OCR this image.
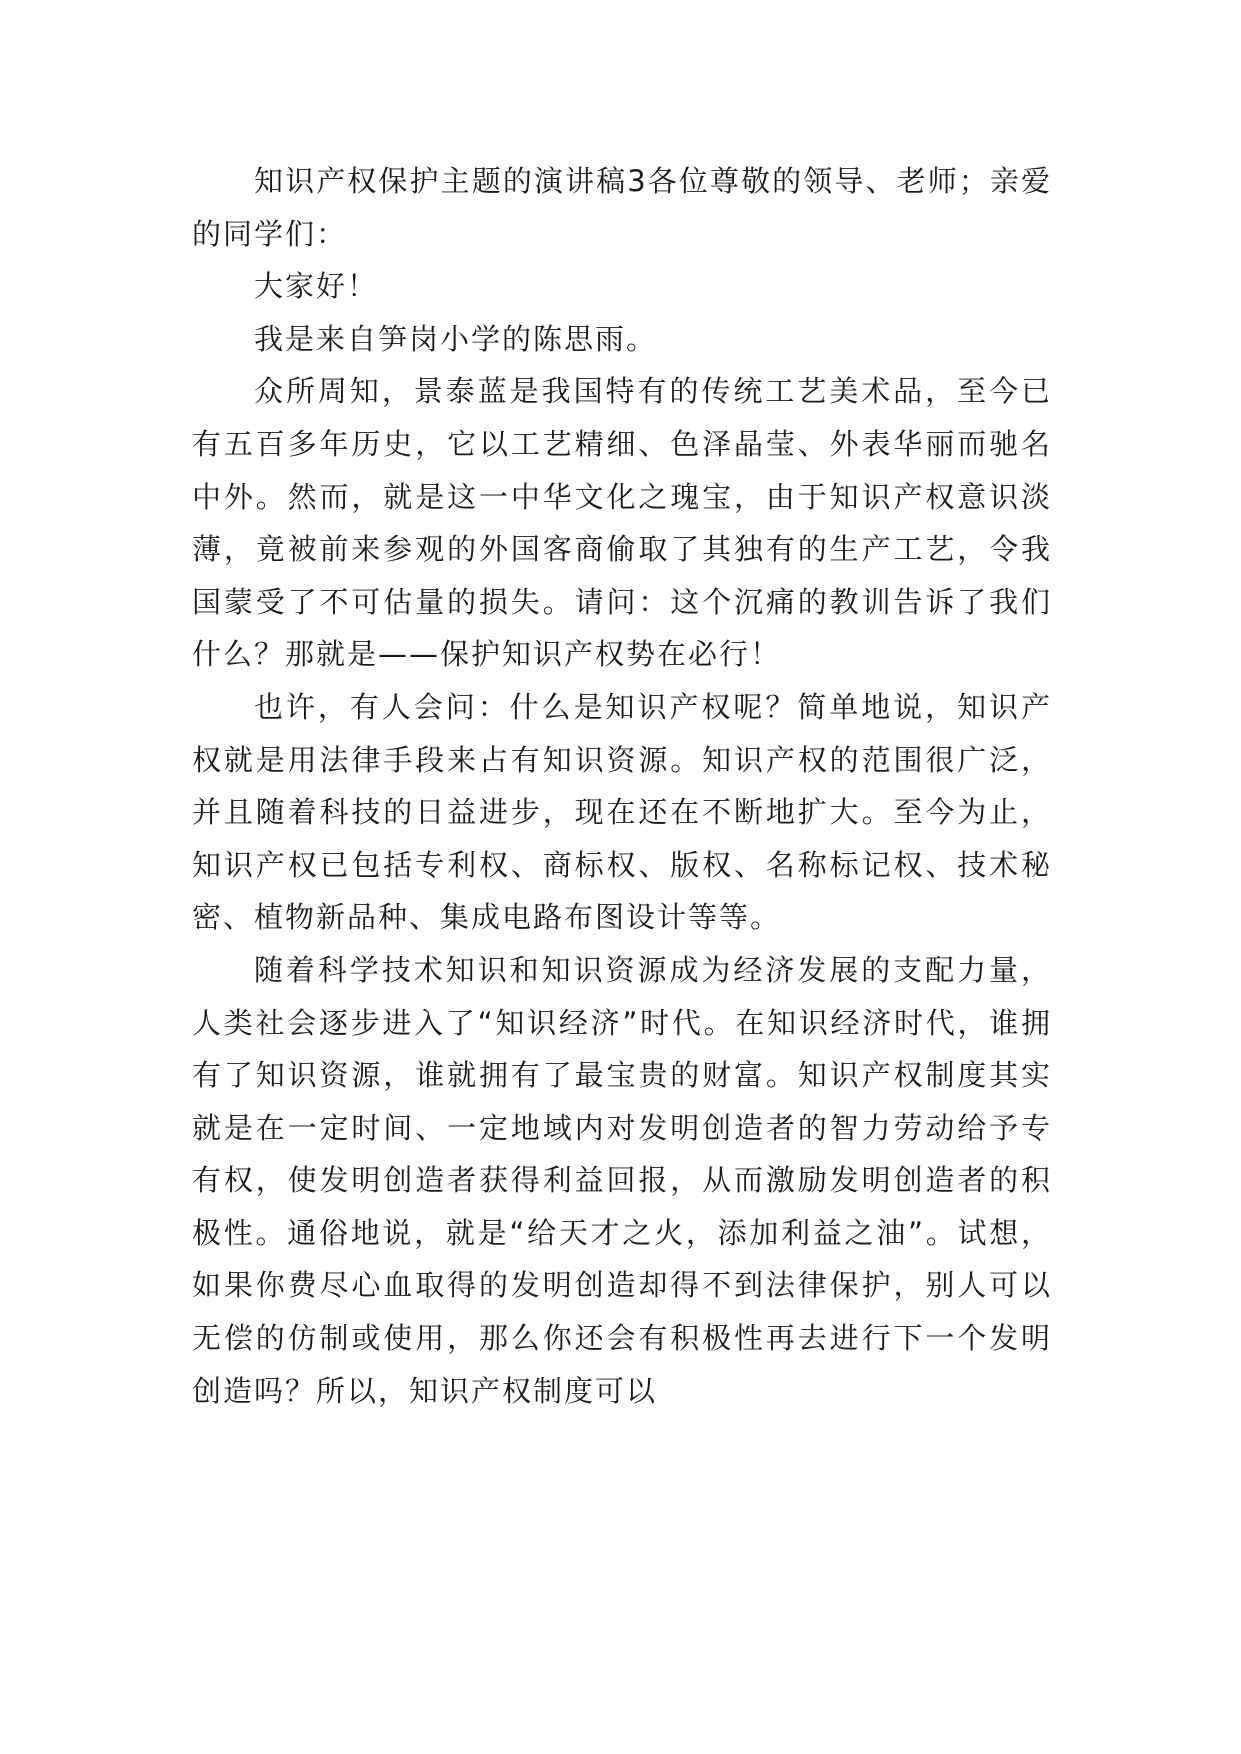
知识产权保护主题的演讲稿3各位尊敬的领导、老师；亲爱的同学们：

大家好！

我是来自笋岗小学的陈思雨。

众所周知，景泰蓝是我国特有的传统工艺美术品，至今已有五百多年历史，它以工艺精细、色泽晶莹、外表华丽而驰名中外。然而，就是这一中华文化之瑰宝，由于知识产权意识淡薄，竟被前来参观的外国客商偷取了其独有的生产工艺，令我国蒙受了不可估量的损失。请问：这个沉痛的教训告诉了我们什么？那就是——保护知识产权势在必行！

也许，有人会问：什么是知识产权呢？简单地说，知识产权就是用法律手段来占有知识资源。知识产权的范围很广泛，并且随着科技的日益进步，现在还在不断地扩大。至今为止，知识产权已包括专利权、商标权、版权、名称标记权、技术秘密、植物新品种、集成电路布图设计等等。

随着科学技术知识和知识资源成为经济发展的支配力量，人类社会逐步进入了“知识经济”时代。在知识经济时代，谁拥有了知识资源，谁就拥有了最宝贵的财富。知识产权制度其实就是在一定时间、一定地域内对发明创造者的智力劳动给予专有权，使发明创造者获得利益回报，从而激励发明创造者的积极性。通俗地说，就是“给天才之火，添加利益之油”。试想，如果你费尽心血取得的发明创造却得不到法律保护，别人可以无偿的仿制或使用，那么你还会有积极性再去进行下一个发明创造吗？所以，知识产权制度可以
